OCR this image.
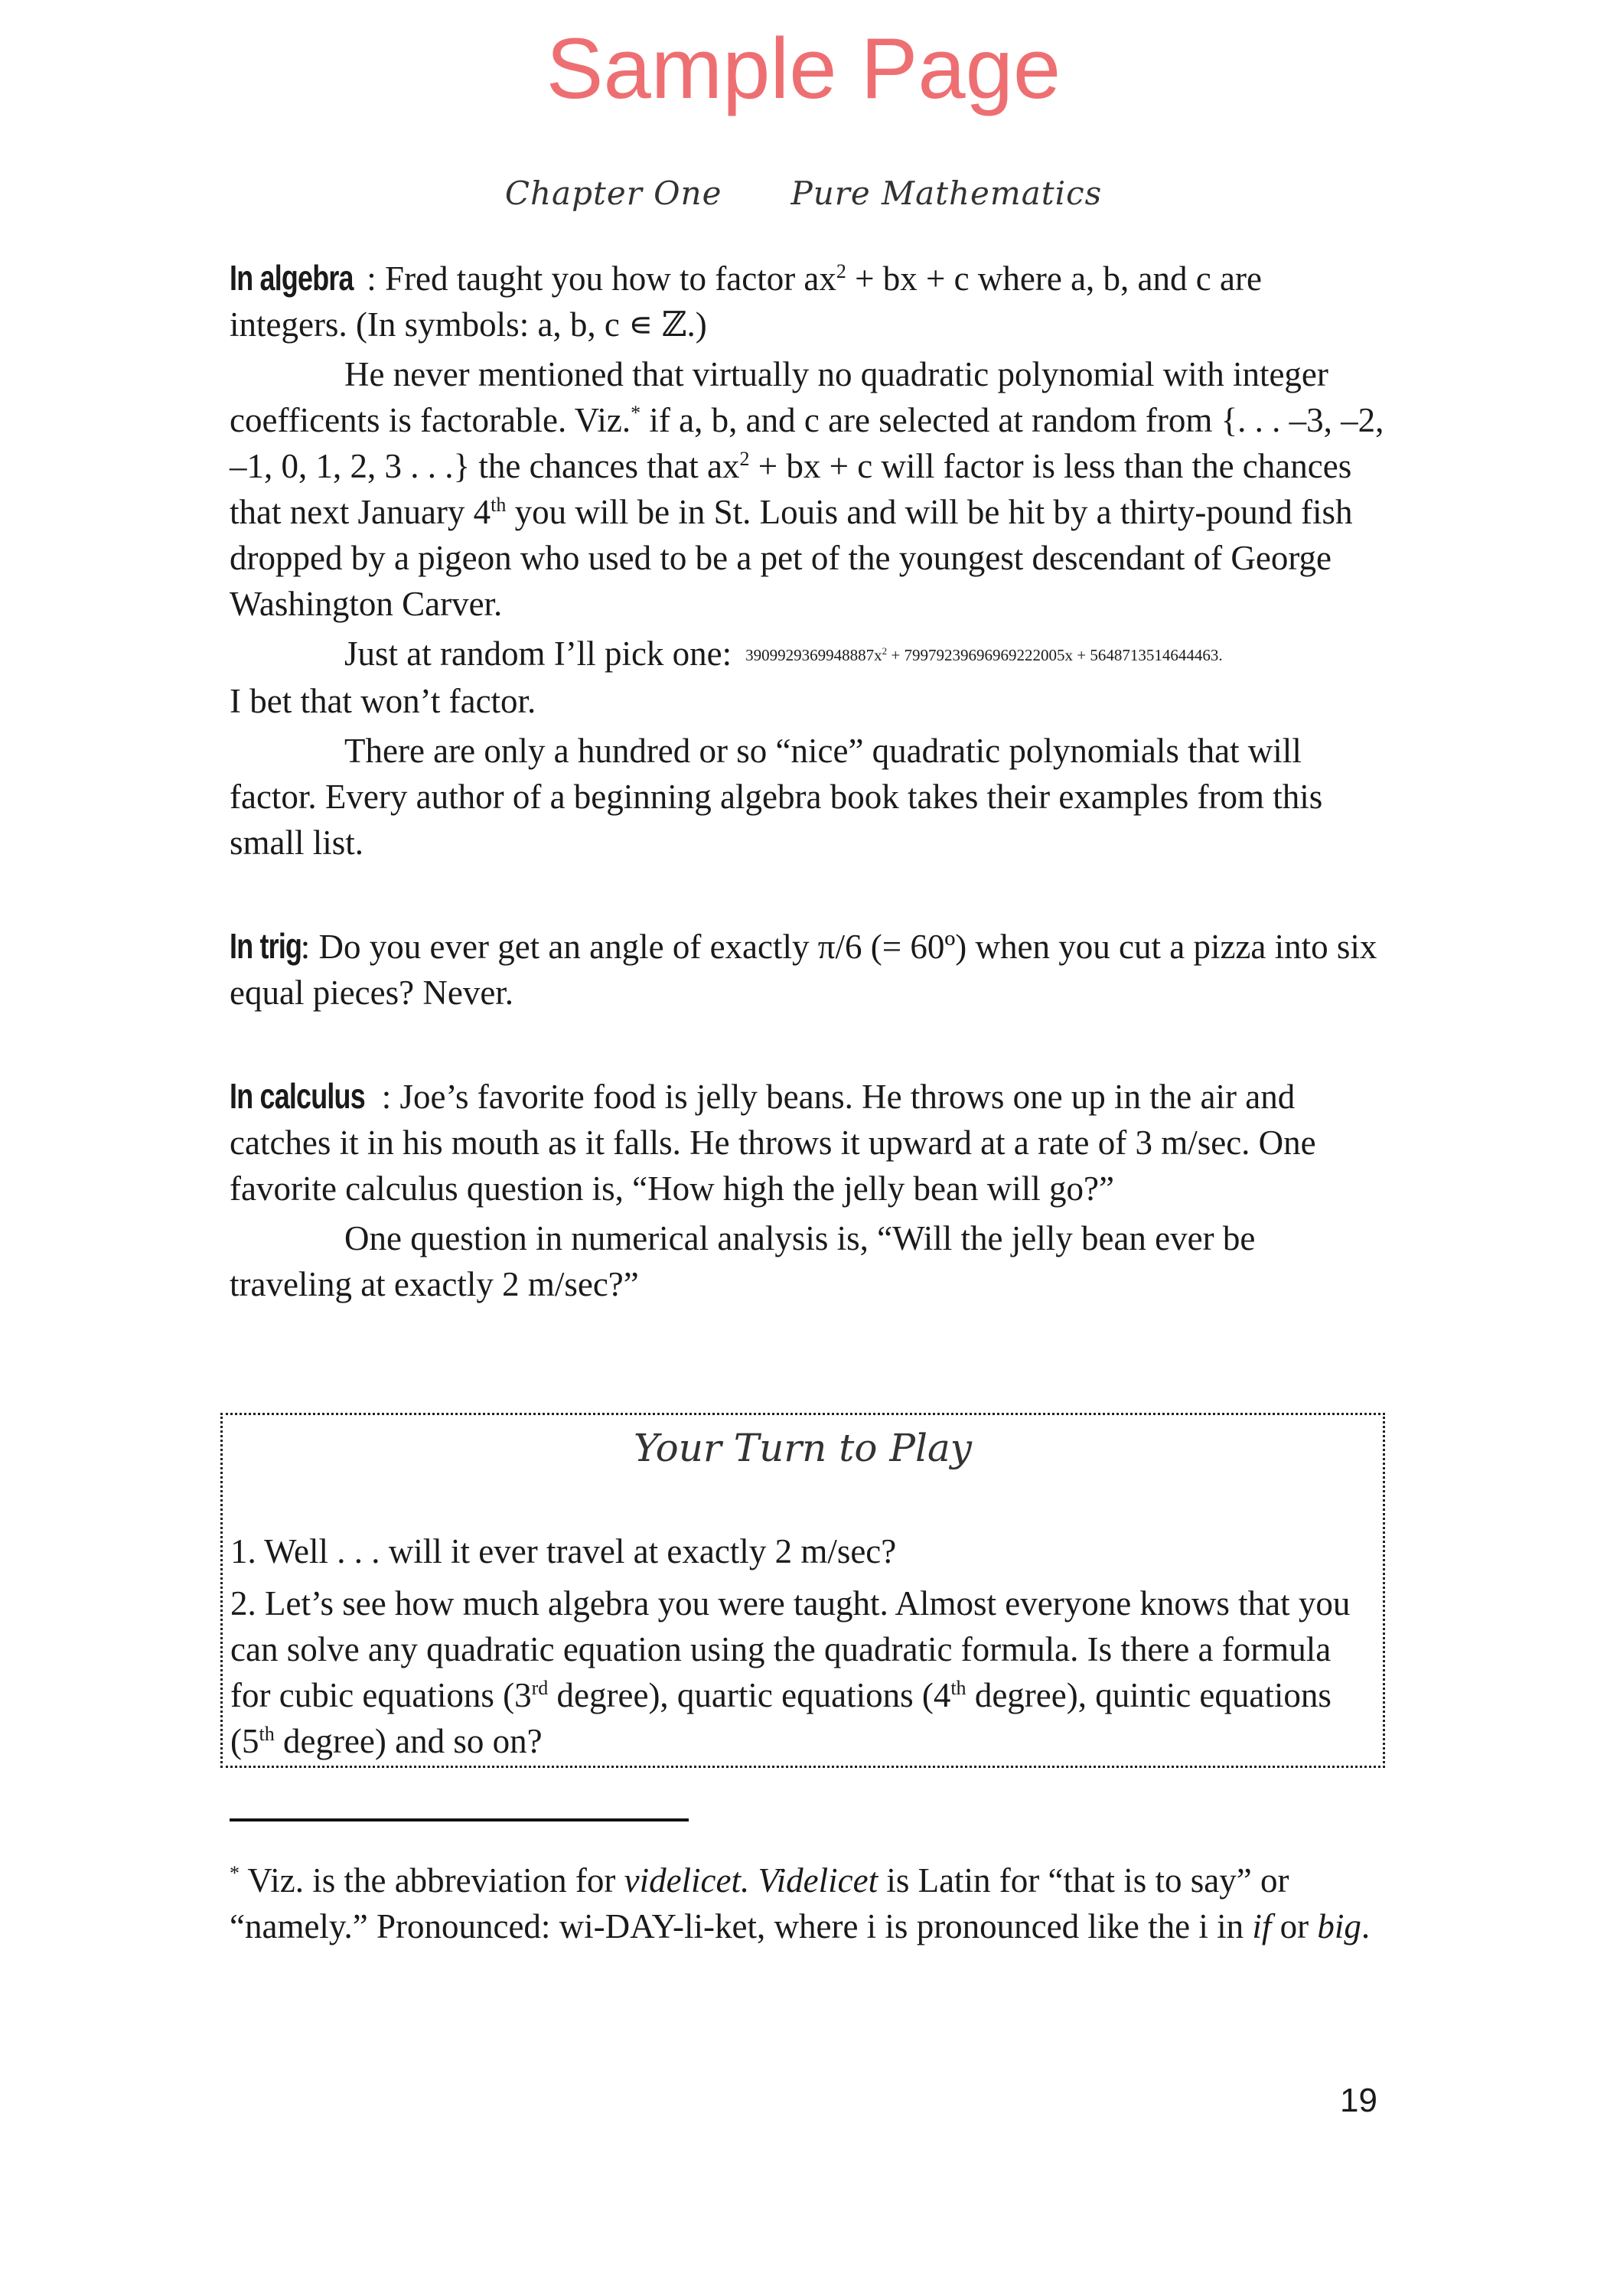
Sample Page
Chapter One Pure Mathematics

In algebra : Fred taught you how to factor $ax^2$ + bx + c where a, b, and c are integers. (In symbols: a, b, c ∊ ℤ.)

He never mentioned that virtually no quadratic polynomial with integer coefficents is factorable. Viz.* if a, b, and c are selected at random from {. . . –3, –2, –1, 0, 1, 2, 3 . . .} the chances that $ax^2$ + bx + c will factor is less than the chances that next January 4th you will be in St. Louis and will be hit by a thirty-pound fish dropped by a pigeon who used to be a pet of the youngest descendant of George Washington Carver.

Just at random I’ll pick one: $3909929369948887x^2 + 79979239696969222005x + 5648713514644463$.

I bet that won’t factor.

There are only a hundred or so “nice” quadratic polynomials that will factor. Every author of a beginning algebra book takes their examples from this small list.

In trig: Do you ever get an angle of exactly π/6 (= 60º) when you cut a pizza into six equal pieces? Never.

In calculus : Joe’s favorite food is jelly beans. He throws one up in the air and catches it in his mouth as it falls. He throws it upward at a rate of 3 m/sec. One favorite calculus question is, “How high the jelly bean will go?”

One question in numerical analysis is, “Will the jelly bean ever be traveling at exactly 2 m/sec?”

Your Turn to Play

1. Well . . . will it ever travel at exactly 2 m/sec?

2. Let’s see how much algebra you were taught. Almost everyone knows that you can solve any quadratic equation using the quadratic formula. Is there a formula for cubic equations (3rd degree), quartic equations (4th degree), quintic equations (5th degree) and so on?

* Viz. is the abbreviation for videlicet. Videlicet is Latin for “that is to say” or “namely.” Pronounced: wi-DAY-li-ket, where i is pronounced like the i in if or big.

19
